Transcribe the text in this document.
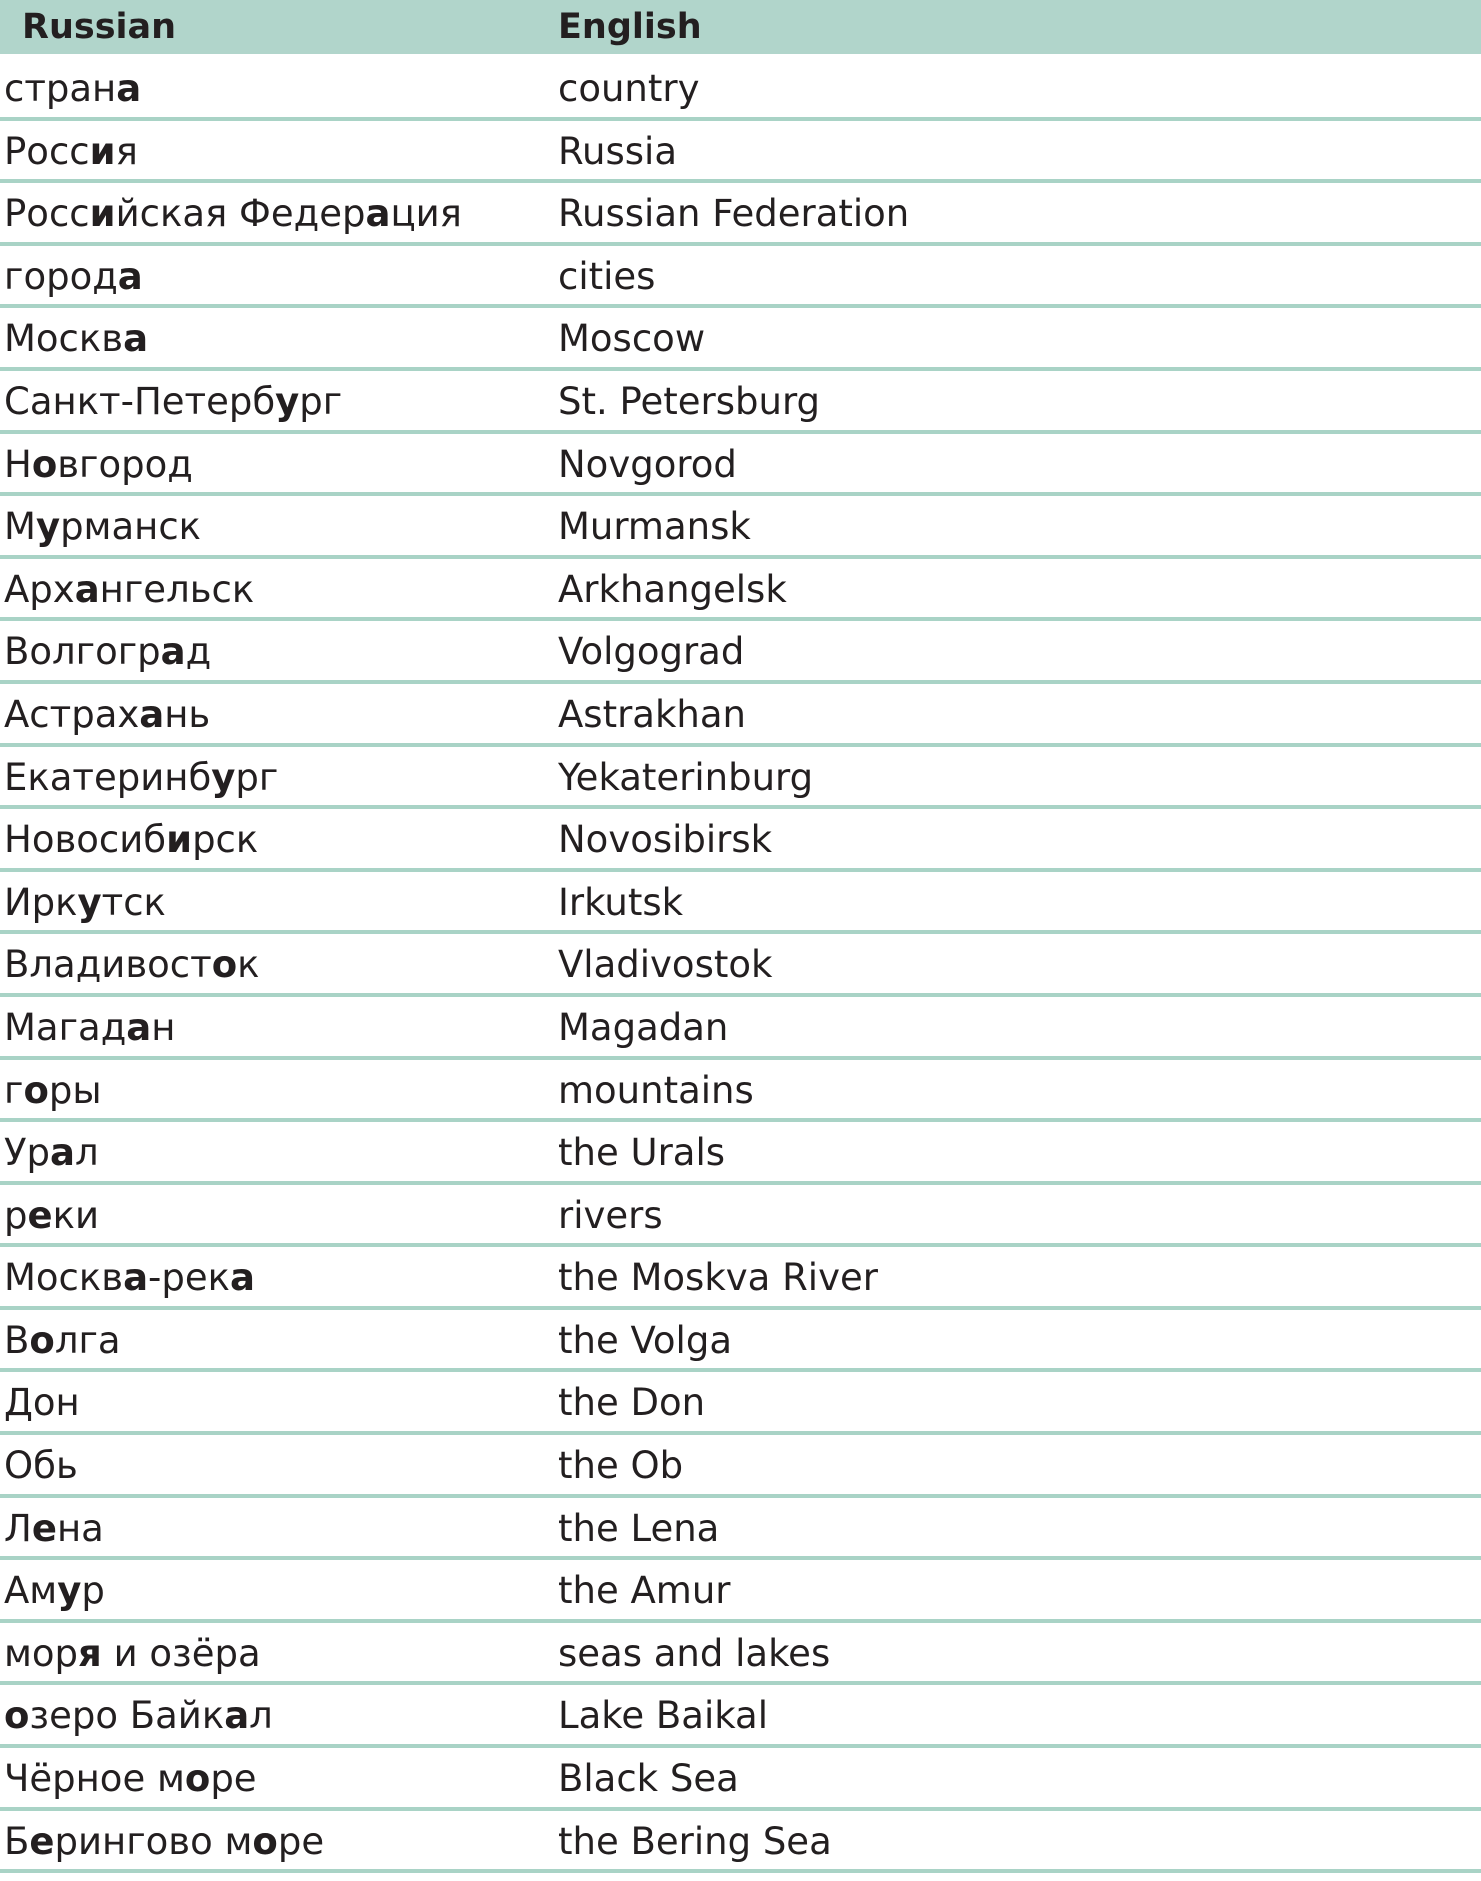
Russian	English
страна	country
Россия	Russia
Российская Федерация	Russian Federation
города	cities
Москва	Moscow
Санкт-Петербург	St. Petersburg
Новгород	Novgorod
Мурманск	Murmansk
Архангельск	Arkhangelsk
Волгоград	Volgograd
Астрахань	Astrakhan
Екатеринбург	Yekaterinburg
Новосибирск	Novosibirsk
Иркутск	Irkutsk
Владивосток	Vladivostok
Магадан	Magadan
горы	mountains
Урал	the Urals
реки	rivers
Москва-река	the Moskva River
Волга	the Volga
Дон	the Don
Обь	the Ob
Лена	the Lena
Амур	the Amur
моря и озёра	seas and lakes
озеро Байкал	Lake Baikal
Чёрное море	Black Sea
Берингово море	the Bering Sea
